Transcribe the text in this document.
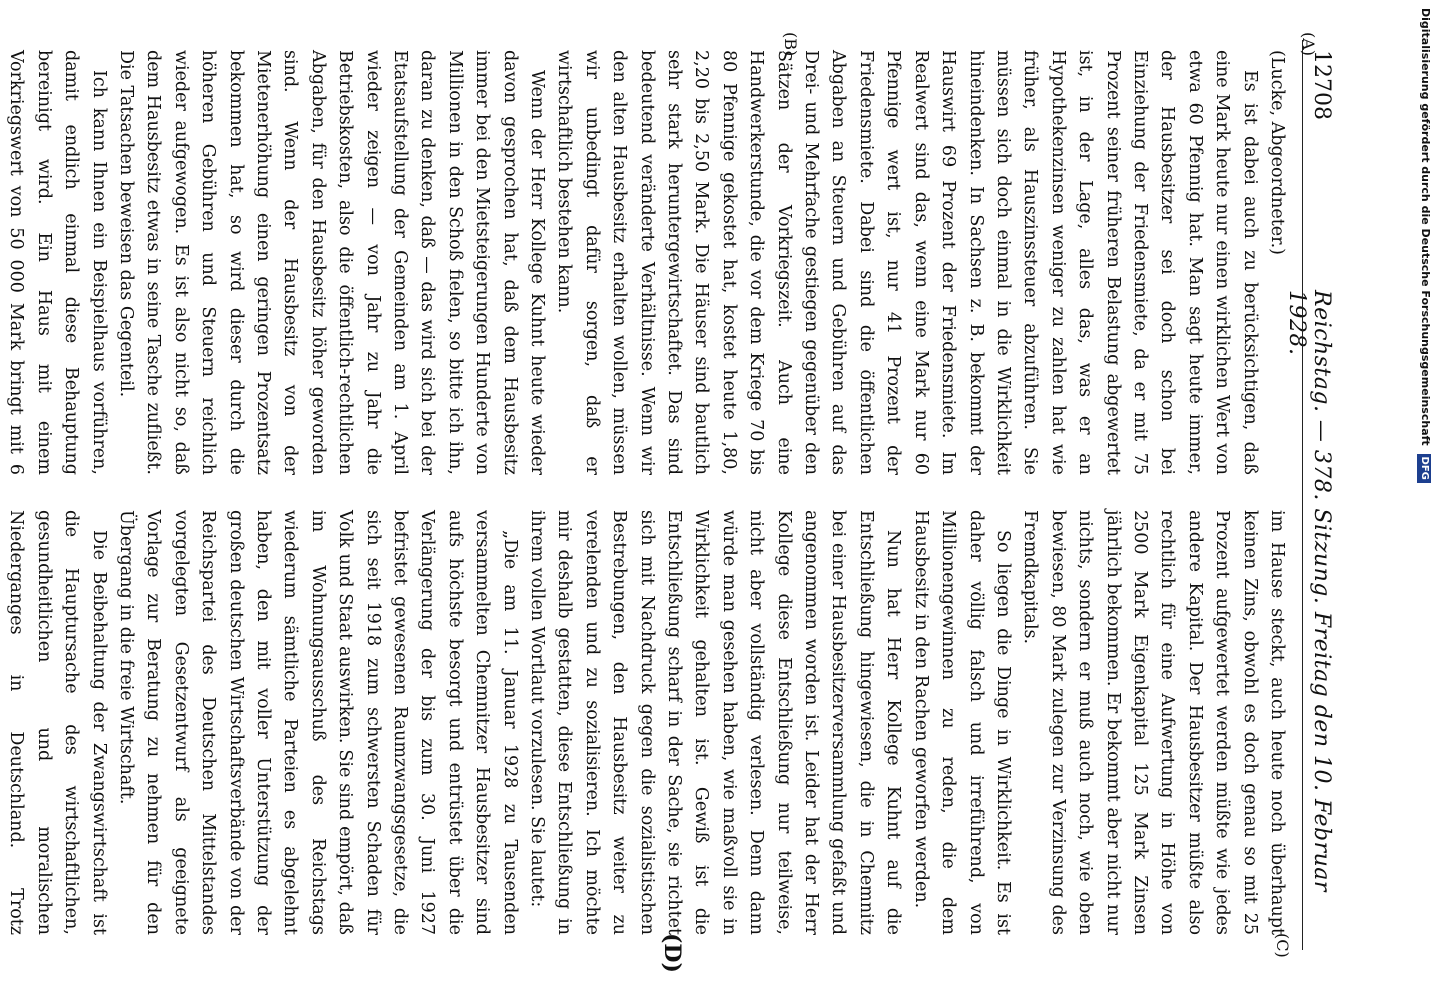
12708
Reichstag. — 378. Sitzung. Freitag den 10. Februar 1928.
(A)
(B)
(C)
(D)

(Lucke, Abgeordneter.)

Es ist dabei auch zu berücksichtigen, daß eine Mark heute nur einen wirklichen Wert von etwa 60 Pfennig hat. Man sagt heute immer, der Hausbesitzer sei doch schon bei Einziehung der Friedensmiete, da er mit 75 Prozent seiner früheren Belastung abgewertet ist, in der Lage, alles das, was er an Hypothekenzinsen weniger zu zahlen hat wie früher, als Hauszinssteuer abzuführen. Sie müssen sich doch einmal in die Wirklichkeit hineindenken. In Sachsen z. B. bekommt der Hauswirt 69 Prozent der Friedensmiete. Im Realwert sind das, wenn eine Mark nur 60 Pfennige wert ist, nur 41 Prozent der Friedensmiete. Dabei sind die öffentlichen Abgaben an Steuern und Gebühren auf das Drei- und Mehrfache gestiegen gegenüber den Sätzen der Vorkriegszeit. Auch eine Handwerkerstunde, die vor dem Kriege 70 bis 80 Pfennige gekostet hat, kostet heute 1,80, 2,20 bis 2,50 Mark. Die Häuser sind bautlich sehr stark heruntergewirtschaftet. Das sind bedeutend veränderte Verhältnisse. Wenn wir den alten Hausbesitz erhalten wollen, müssen wir unbedingt dafür sorgen, daß er wirtschaftlich bestehen kann.

Wenn der Herr Kollege Kuhnt heute wieder davon gesprochen hat, daß dem Hausbesitz immer bei den Mietsteigerungen Hunderte von Millionen in den Schoß fielen, so bitte ich ihn, daran zu denken, daß — das wird sich bei der Etatsaufstellung der Gemeinden am 1. April wieder zeigen — von Jahr zu Jahr die Betriebskosten, also die öffentlich-rechtlichen Abgaben, für den Hausbesitz höher geworden sind. Wenn der Hausbesitz von der Mietenerhöhung einen geringen Prozentsatz bekommen hat, so wird dieser durch die höheren Gebühren und Steuern reichlich wieder aufgewogen. Es ist also nicht so, daß dem Hausbesitz etwas in seine Tasche zufließt. Die Tatsachen beweisen das Gegenteil.

Ich kann Ihnen ein Beispielhaus vorführen, damit endlich einmal diese Behauptung bereinigt wird. Ein Haus mit einem Vorkriegswert von 50 000 Mark bringt mit 6

im Hause steckt, auch heute noch überhaupt keinen Zins, obwohl es doch genau so mit 25 Prozent aufgewertet werden müßte wie jedes andere Kapital. Der Hausbesitzer müßte also rechtlich für eine Aufwertung in Höhe von 2500 Mark Eigenkapital 125 Mark Zinsen jährlich bekommen. Er bekommt aber nicht nur nichts, sondern er muß auch noch, wie oben bewiesen, 80 Mark zulegen zur Verzinsung des Fremdkapitals.

So liegen die Dinge in Wirklichkeit. Es ist daher völlig falsch und irreführend, von Millionengewinnen zu reden, die dem Hausbesitz in den Rachen geworfen werden.

Nun hat Herr Kollege Kuhnt auf die Entschließung hingewiesen, die in Chemnitz bei einer Hausbesitzerversammlung gefaßt und angenommen worden ist. Leider hat der Herr Kollege diese Entschließung nur teilweise, nicht aber vollständig verlesen. Denn dann würde man gesehen haben, wie maßvoll sie in Wirklichkeit gehalten ist. Gewiß ist die Entschließung scharf in der Sache, sie richtet sich mit Nachdruck gegen die sozialistischen Bestrebungen, den Hausbesitz weiter zu verelenden und zu sozialisieren. Ich möchte mir deshalb gestatten, diese Entschließung in ihrem vollen Wortlaut vorzulesen. Sie lautet:

„Die am 11. Januar 1928 zu Tausenden versammelten Chemnitzer Hausbesitzer sind aufs höchste besorgt und entrüstet über die Verlängerung der bis zum 30. Juni 1927 befristet gewesenen Raumzwangsgesetze, die sich seit 1918 zum schwersten Schaden für Volk und Staat auswirken. Sie sind empört, daß im Wohnungsausschuß des Reichstags wiederum sämtliche Parteien es abgelehnt haben, den mit voller Unterstützung der großen deutschen Wirtschaftsverbände von der Reichspartei des Deutschen Mittelstandes vorgelegten Gesetzentwurf als geeignete Vorlage zur Beratung zu nehmen für den Übergang in die freie Wirtschaft.

Die Beibehaltung der Zwangswirtschaft ist die Hauptursache des wirtschaftlichen, gesundheitlichen und moralischen Niederganges in Deutschland. Trotz

Digitalisierung gefördert durch die Deutsche Forschungsgemeinschaft DFG
